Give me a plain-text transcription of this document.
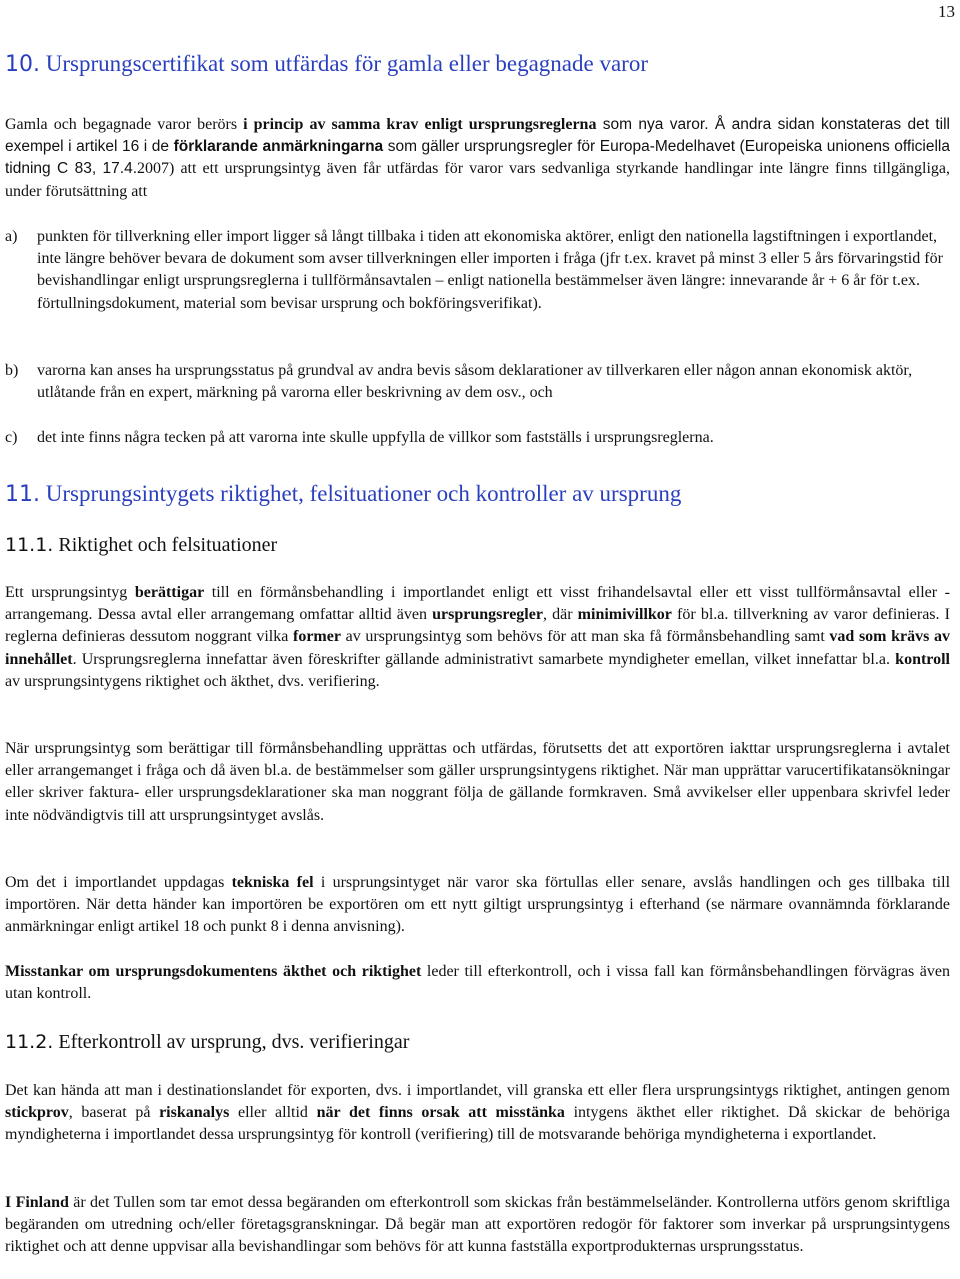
13
10. Ursprungscertifikat som utfärdas för gamla eller begagnade varor

Gamla och begagnade varor berörs i princip av samma krav enligt ursprungsreglerna som nya varor. Å andra sidan konstateras det till exempel i artikel 16 i de förklarande anmärkningarna som gäller ursprungsregler för Europa-Medelhavet (Europeiska unionens officiella tidning C 83, 17.4.2007) att ett ursprungsintyg även får utfärdas för varor vars sedvanliga styrkande handlingar inte längre finns tillgängliga, under förutsättning att

a)	punkten för tillverkning eller import ligger så långt tillbaka i tiden att ekonomiska aktörer, enligt den nationella lagstiftningen i exportlandet, inte längre behöver bevara de dokument som avser tillverkningen eller importen i fråga (jfr t.ex. kravet på minst 3 eller 5 års förvaringstid för bevishandlingar enligt ursprungsreglerna i tullförmånsavtalen – enligt nationella bestämmelser även längre: innevarande år + 6 år för t.ex. förtullningsdokument, material som bevisar ursprung och bokföringsverifikat).
b)	varorna kan anses ha ursprungsstatus på grundval av andra bevis såsom deklarationer av tillverkaren eller någon annan ekonomisk aktör, utlåtande från en expert, märkning på varorna eller beskrivning av dem osv., och
c)	det inte finns några tecken på att varorna inte skulle uppfylla de villkor som fastställs i ursprungsreglerna.
11. Ursprungsintygets riktighet, felsituationer och kontroller av ursprung
11.1. Riktighet och felsituationer

Ett ursprungsintyg berättigar till en förmånsbehandling i importlandet enligt ett visst frihandelsavtal eller ett visst tullförmånsavtal eller -arrangemang. Dessa avtal eller arrangemang omfattar alltid även ursprungsregler, där minimivillkor för bl.a. tillverkning av varor definieras. I reglerna definieras dessutom noggrant vilka former av ursprungsintyg som behövs för att man ska få förmånsbehandling samt vad som krävs av innehållet. Ursprungsreglerna innefattar även föreskrifter gällande administrativt samarbete myndigheter emellan, vilket innefattar bl.a. kontroll av ursprungsintygens riktighet och äkthet, dvs. verifiering.

När ursprungsintyg som berättigar till förmånsbehandling upprättas och utfärdas, förutsetts det att exportören iakttar ursprungsreglerna i avtalet eller arrangemanget i fråga och då även bl.a. de bestämmelser som gäller ursprungsintygens riktighet. När man upprättar varucertifikatansökningar eller skriver faktura- eller ursprungsdeklarationer ska man noggrant följa de gällande formkraven. Små avvikelser eller uppenbara skrivfel leder inte nödvändigtvis till att ursprungsintyget avslås.

Om det i importlandet uppdagas tekniska fel i ursprungsintyget när varor ska förtullas eller senare, avslås handlingen och ges tillbaka till importören. När detta händer kan importören be exportören om ett nytt giltigt ursprungsintyg i efterhand (se närmare ovannämnda förklarande anmärkningar enligt artikel 18 och punkt 8 i denna anvisning).

Misstankar om ursprungsdokumentens äkthet och riktighet leder till efterkontroll, och i vissa fall kan förmånsbehandlingen förvägras även utan kontroll.

11.2. Efterkontroll av ursprung, dvs. verifieringar

Det kan hända att man i destinationslandet för exporten, dvs. i importlandet, vill granska ett eller flera ursprungsintygs riktighet, antingen genom stickprov, baserat på riskanalys eller alltid när det finns orsak att misstänka intygens äkthet eller riktighet. Då skickar de behöriga myndigheterna i importlandet dessa ursprungsintyg för kontroll (verifiering) till de motsvarande behöriga myndigheterna i exportlandet.

I Finland är det Tullen som tar emot dessa begäranden om efterkontroll som skickas från bestämmelseländer. Kontrollerna utförs genom skriftliga begäranden om utredning och/eller företagsgranskningar. Då begär man att exportören redogör för faktorer som inverkar på ursprungsintygens riktighet och att denne uppvisar alla bevishandlingar som behövs för att kunna fastställa exportprodukternas ursprungsstatus.
